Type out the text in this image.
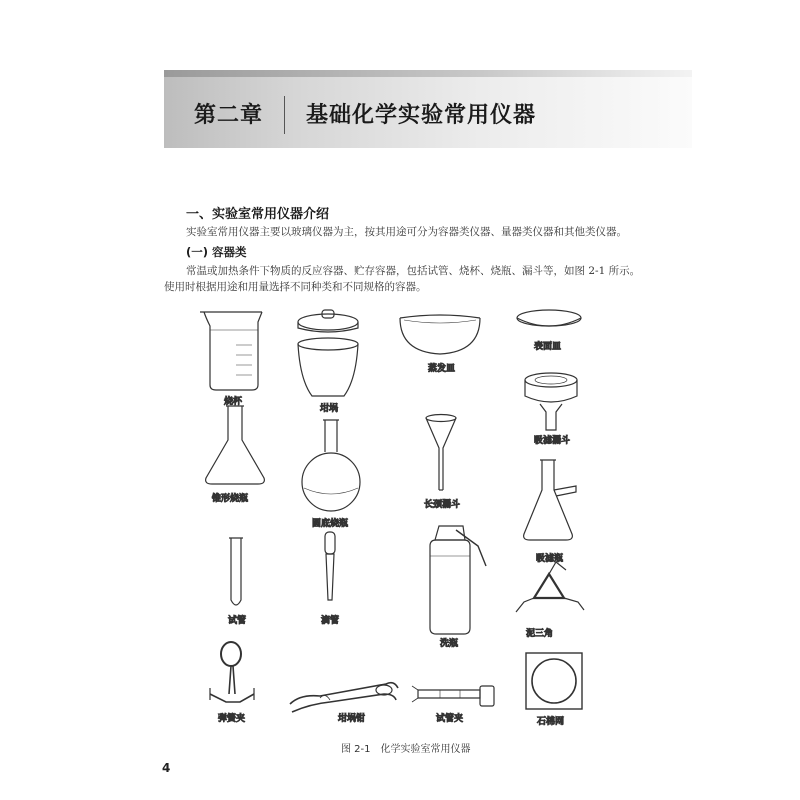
第二章 基础化学实验常用仪器
一、实验室常用仪器介绍
实验室常用仪器主要以玻璃仪器为主，按其用途可分为容器类仪器、量器类仪器和其他类仪器。
(一) 容器类
常温或加热条件下物质的反应容器、贮存容器，包括试管、烧杯、烧瓶、漏斗等，如图 2-1 所示。
使用时根据用途和用量选择不同种类和不同规格的容器。
烧杯
坩埚
蒸发皿
表面皿
吸滤漏斗
锥形烧瓶
圆底烧瓶
长颈漏斗
吸滤瓶
试管	滴管
洗瓶
泥三角
弹簧夹	坩埚钳	试管夹	石棉网
图 2-1　化学实验室常用仪器
4
